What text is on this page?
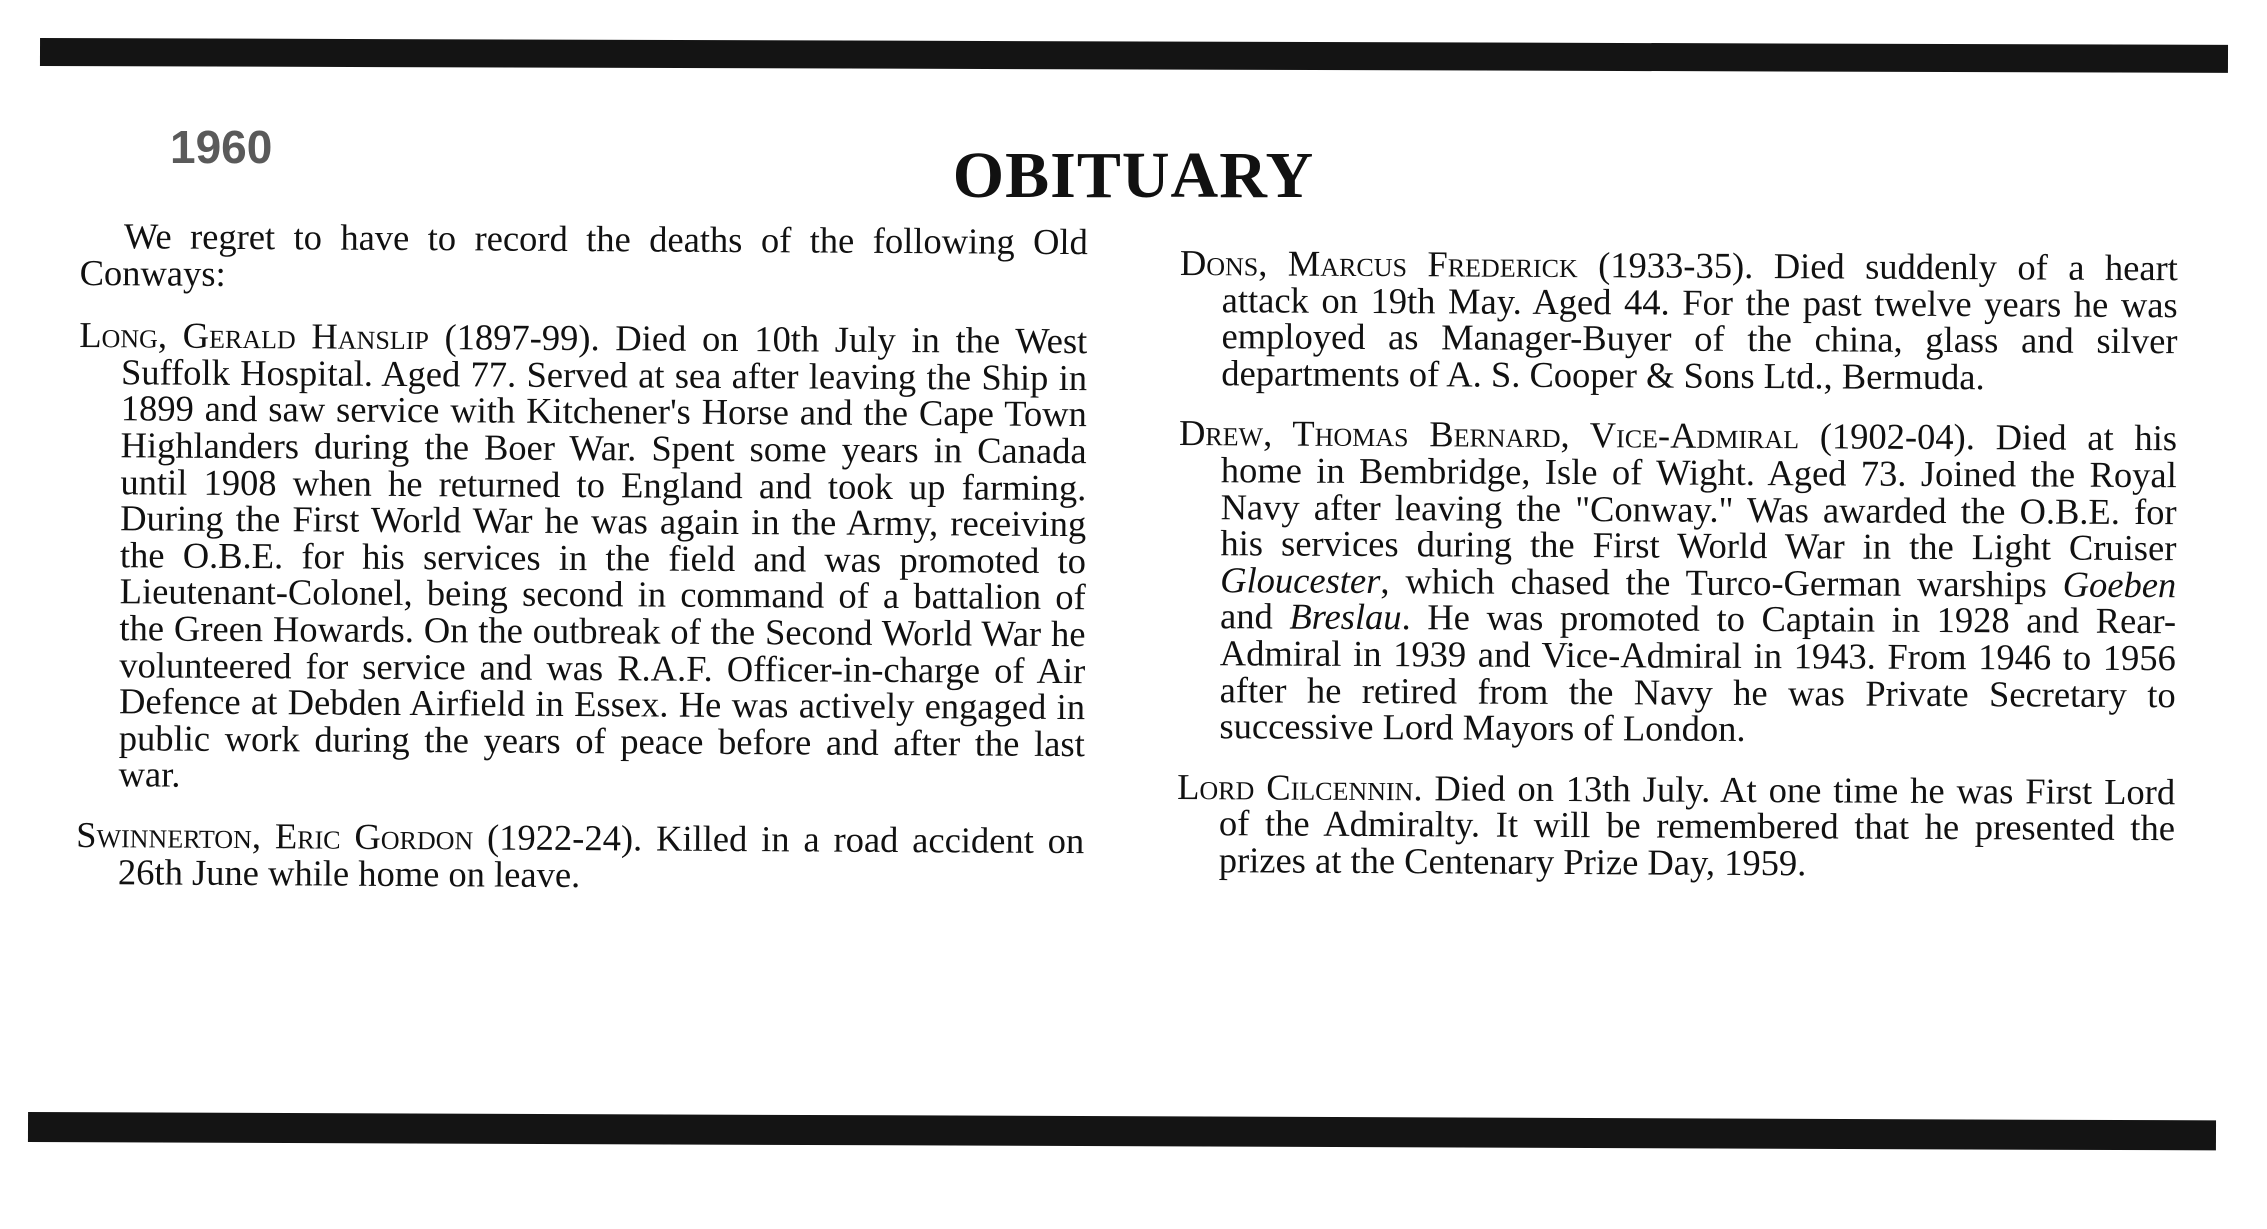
1960	OBITUARY

We regret to have to record the deaths of the following Old Conways:

Long, Gerald Hanslip (1897-99). Died on 10th July in the West Suffolk Hospital. Aged 77. Served at sea after leaving the Ship in 1899 and saw service with Kitchener's Horse and the Cape Town Highlanders during the Boer War. Spent some years in Canada until 1908 when he returned to England and took up farming. During the First World War he was again in the Army, receiving the O.B.E. for his services in the field and was promoted to Lieutenant-Colonel, being second in command of a battalion of the Green Howards. On the outbreak of the Second World War he volunteered for service and was R.A.F. Officer-in-charge of Air Defence at Debden Airfield in Essex. He was actively engaged in public work during the years of peace before and after the last war.

Swinnerton, Eric Gordon (1922-24). Killed in a road accident on 26th June while home on leave.

Dons, Marcus Frederick (1933-35). Died suddenly of a heart attack on 19th May. Aged 44. For the past twelve years he was employed as Manager-Buyer of the china, glass and silver departments of A. S. Cooper & Sons Ltd., Bermuda.

Drew, Thomas Bernard, Vice-Admiral (1902-04). Died at his home in Bembridge, Isle of Wight. Aged 73. Joined the Royal Navy after leaving the "Conway." Was awarded the O.B.E. for his services during the First World War in the Light Cruiser Gloucester, which chased the Turco-German warships Goeben and Breslau. He was promoted to Captain in 1928 and Rear-Admiral in 1939 and Vice-Admiral in 1943. From 1946 to 1956 after he retired from the Navy he was Private Secretary to successive Lord Mayors of London.

Lord Cilcennin. Died on 13th July. At one time he was First Lord of the Admiralty. It will be remembered that he presented the prizes at the Centenary Prize Day, 1959.
